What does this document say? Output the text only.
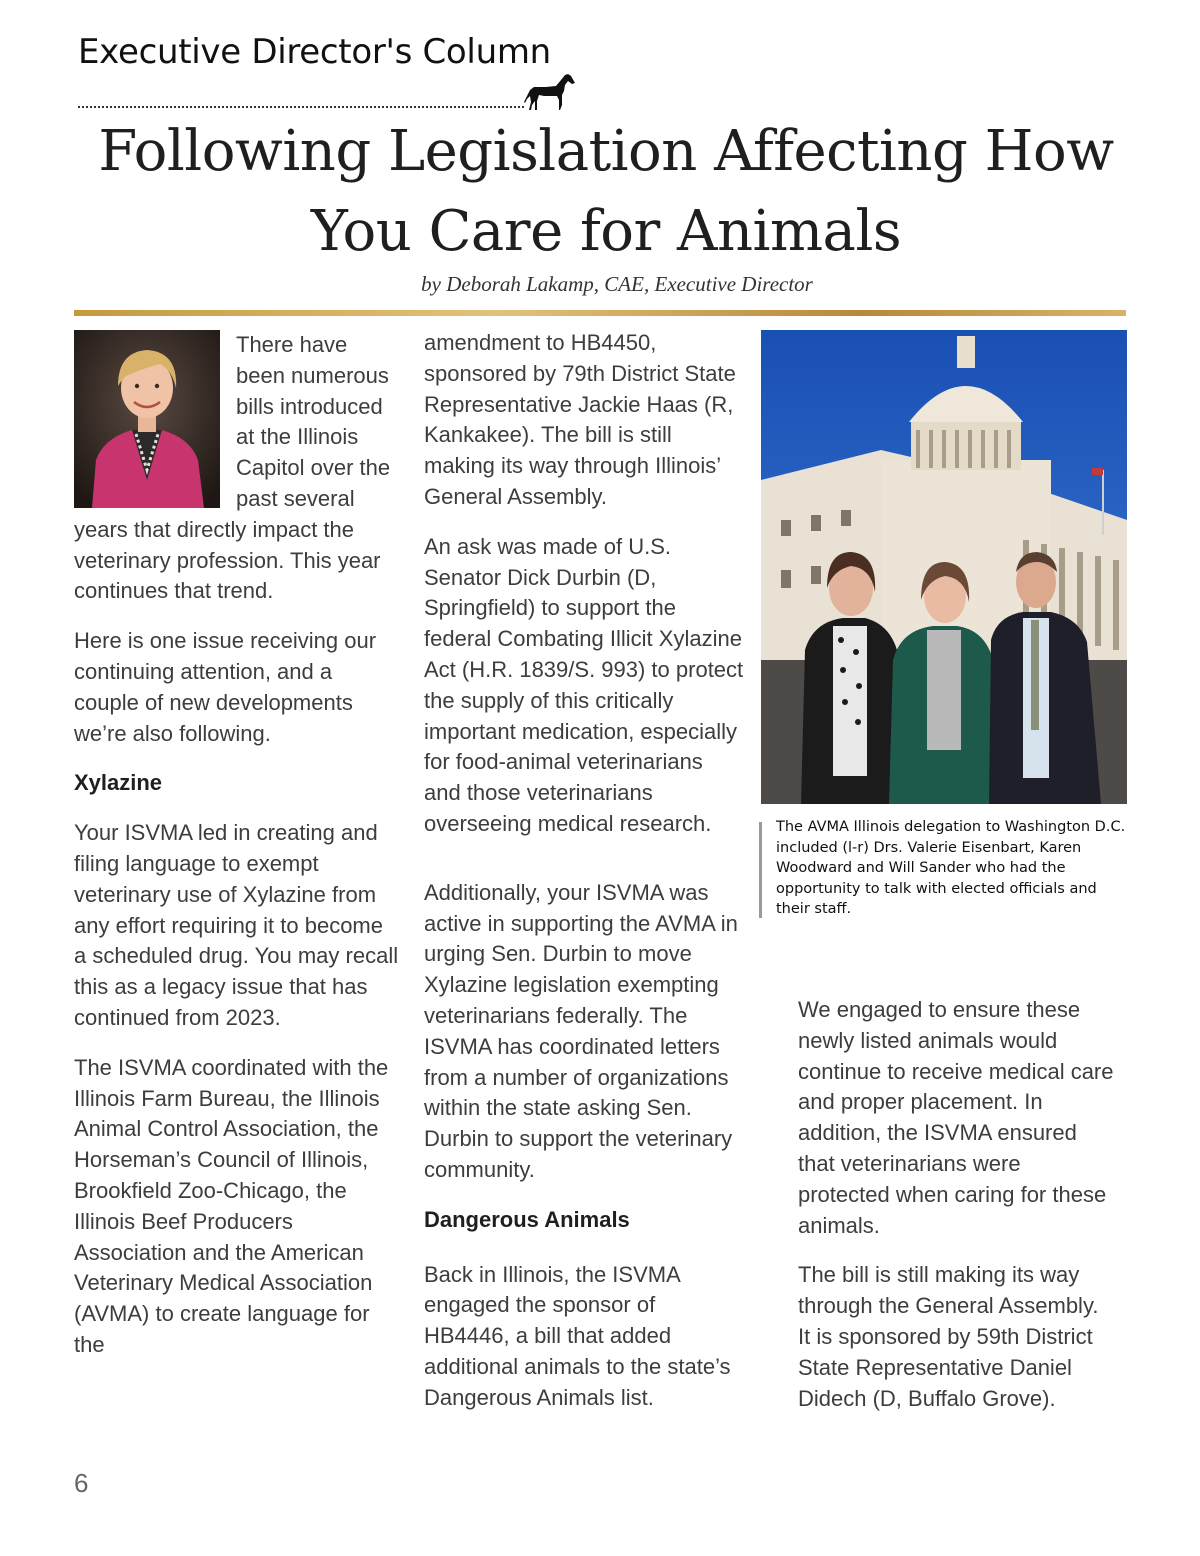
Executive Director's Column
Following Legislation Affecting How
You Care for Animals

by Deborah Lakamp, CAE, Executive Director

There have been numerous bills introduced at the Illinois Capitol over the past several years that directly impact the veterinary profession. This year continues that trend.

Here is one issue receiving our continuing attention, and a couple of new developments we’re also following.

Xylazine

Your ISVMA led in creating and filing language to exempt veterinary use of Xylazine from any effort requiring it to become a scheduled drug. You may recall this as a legacy issue that has continued from 2023.

The ISVMA coordinated with the Illinois Farm Bureau, the Illinois Animal Control Association, the Horseman’s Council of Illinois, Brookfield Zoo-Chicago, the Illinois Beef Producers Association and the American Veterinary Medical Association (AVMA) to create language for the

amendment to HB4450, sponsored by 79th District State Representative Jackie Haas (R, Kankakee). The bill is still making its way through Illinois’ General Assembly.

An ask was made of U.S. Senator Dick Durbin (D, Springfield) to support the federal Combating Illicit Xylazine Act (H.R. 1839/S. 993) to protect the supply of this critically important medication, especially for food-animal veterinarians and those veterinarians overseeing medical research.

Additionally, your ISVMA was active in supporting the AVMA in urging Sen. Durbin to move Xylazine legislation exempting veterinarians federally. The ISVMA has coordinated letters from a number of organizations within the state asking Sen. Durbin to support the veterinary community.

Dangerous Animals

Back in Illinois, the ISVMA engaged the sponsor of HB4446, a bill that added additional animals to the state’s Dangerous Animals list.

The AVMA Illinois delegation to Washington D.C. included (l-r) Drs. Valerie Eisenbart, Karen Woodward and Will Sander who had the opportunity to talk with elected officials and their staff.

We engaged to ensure these newly listed animals would continue to receive medical care and proper placement. In addition, the ISVMA ensured that veterinarians were protected when caring for these animals.

The bill is still making its way through the General Assembly. It is sponsored by 59th District State Representative Daniel Didech (D, Buffalo Grove).

6
